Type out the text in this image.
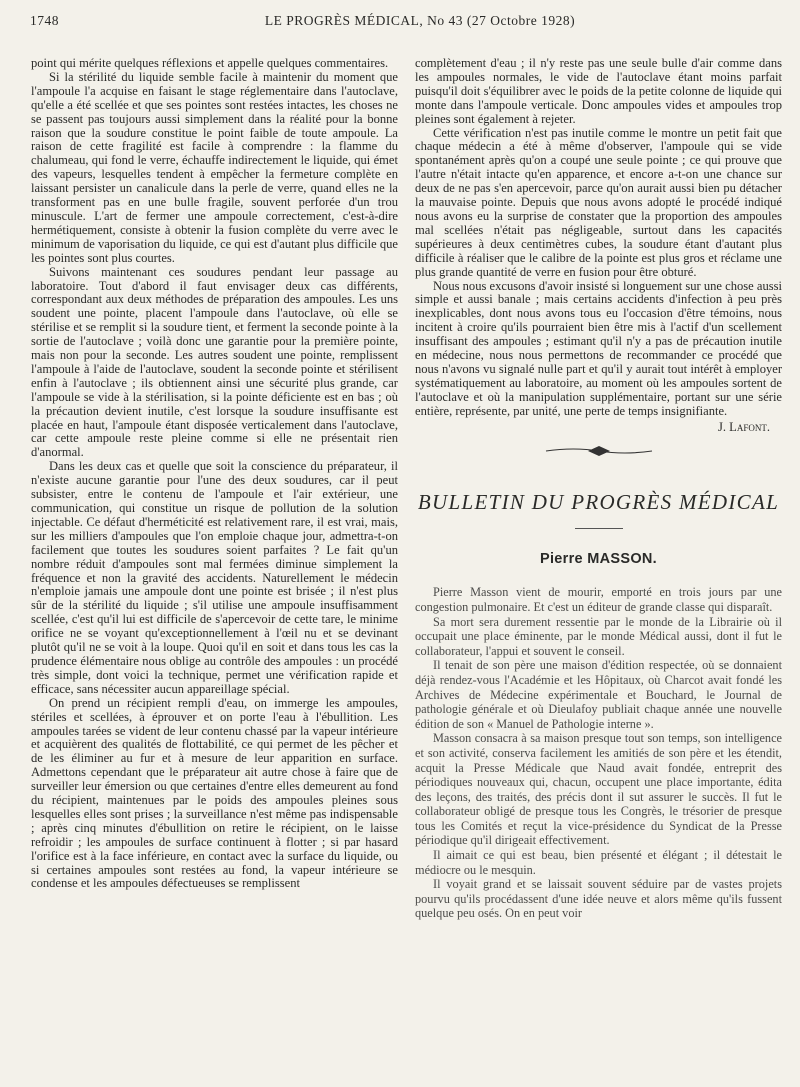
1748	LE PROGRÈS MÉDICAL, No 43 (27 Octobre 1928)

point qui mérite quelques réflexions et appelle quelques commentaires.

Si la stérilité du liquide semble facile à maintenir du moment que l'ampoule l'a acquise en faisant le stage réglementaire dans l'autoclave, qu'elle a été scellée et que ses pointes sont restées intactes, les choses ne se passent pas toujours aussi simplement dans la réalité pour la bonne raison que la soudure constitue le point faible de toute ampoule. La raison de cette fragilité est facile à comprendre : la flamme du chalumeau, qui fond le verre, échauffe indirectement le liquide, qui émet des vapeurs, lesquelles tendent à empêcher la fermeture complète en laissant persister un canalicule dans la perle de verre, quand elles ne la transforment pas en une bulle fragile, souvent perforée d'un trou minuscule. L'art de fermer une ampoule correctement, c'est-à-dire hermétiquement, consiste à obtenir la fusion complète du verre avec le minimum de vaporisation du liquide, ce qui est d'autant plus difficile que les pointes sont plus courtes.

Suivons maintenant ces soudures pendant leur passage au laboratoire. Tout d'abord il faut envisager deux cas différents, correspondant aux deux méthodes de préparation des ampoules. Les uns soudent une pointe, placent l'ampoule dans l'autoclave, où elle se stérilise et se remplit si la soudure tient, et ferment la seconde pointe à la sortie de l'autoclave ; voilà donc une garantie pour la première pointe, mais non pour la seconde. Les autres soudent une pointe, remplissent l'ampoule à l'aide de l'autoclave, soudent la seconde pointe et stérilisent enfin à l'autoclave ; ils obtiennent ainsi une sécurité plus grande, car l'ampoule se vide à la stérilisation, si la pointe déficiente est en bas ; où la précaution devient inutile, c'est lorsque la soudure insuffisante est placée en haut, l'ampoule étant disposée verticalement dans l'autoclave, car cette ampoule reste pleine comme si elle ne présentait rien d'anormal.

Dans les deux cas et quelle que soit la conscience du préparateur, il n'existe aucune garantie pour l'une des deux soudures, car il peut subsister, entre le contenu de l'ampoule et l'air extérieur, une communication, qui constitue un risque de pollution de la solution injectable. Ce défaut d'herméticité est relativement rare, il est vrai, mais, sur les milliers d'ampoules que l'on emploie chaque jour, admettra-t-on facilement que toutes les soudures soient parfaites ? Le fait qu'un nombre réduit d'ampoules sont mal fermées diminue simplement la fréquence et non la gravité des accidents. Naturellement le médecin n'emploie jamais une ampoule dont une pointe est brisée ; il n'est plus sûr de la stérilité du liquide ; s'il utilise une ampoule insuffisamment scellée, c'est qu'il lui est difficile de s'apercevoir de cette tare, le minime orifice ne se voyant qu'exceptionnellement à l'œil nu et se devinant plutôt qu'il ne se voit à la loupe. Quoi qu'il en soit et dans tous les cas la prudence élémentaire nous oblige au contrôle des ampoules : un procédé très simple, dont voici la technique, permet une vérification rapide et efficace, sans nécessiter aucun appareillage spécial.

On prend un récipient rempli d'eau, on immerge les ampoules, stériles et scellées, à éprouver et on porte l'eau à l'ébullition. Les ampoules tarées se vident de leur contenu chassé par la vapeur intérieure et acquièrent des qualités de flottabilité, ce qui permet de les pêcher et de les éliminer au fur et à mesure de leur apparition en surface. Admettons cependant que le préparateur ait autre chose à faire que de surveiller leur émersion ou que certaines d'entre elles demeurent au fond du récipient, maintenues par le poids des ampoules pleines sous lesquelles elles sont prises ; la surveillance n'est même pas indispensable ; après cinq minutes d'ébullition on retire le récipient, on le laisse refroidir ; les ampoules de surface continuent à flotter ; si par hasard l'orifice est à la face inférieure, en contact avec la surface du liquide, ou si certaines ampoules sont restées au fond, la vapeur intérieure se condense et les ampoules défectueuses se remplissent

complètement d'eau ; il n'y reste pas une seule bulle d'air comme dans les ampoules normales, le vide de l'autoclave étant moins parfait puisqu'il doit s'équilibrer avec le poids de la petite colonne de liquide qui monte dans l'ampoule verticale. Donc ampoules vides et ampoules trop pleines sont également à rejeter.

Cette vérification n'est pas inutile comme le montre un petit fait que chaque médecin a été à même d'observer, l'ampoule qui se vide spontanément après qu'on a coupé une seule pointe ; ce qui prouve que l'autre n'était intacte qu'en apparence, et encore a-t-on une chance sur deux de ne pas s'en apercevoir, parce qu'on aurait aussi bien pu détacher la mauvaise pointe. Depuis que nous avons adopté le procédé indiqué nous avons eu la surprise de constater que la proportion des ampoules mal scellées n'était pas négligeable, surtout dans les capacités supérieures à deux centimètres cubes, la soudure étant d'autant plus difficile à réaliser que le calibre de la pointe est plus gros et réclame une plus grande quantité de verre en fusion pour être obturé.

Nous nous excusons d'avoir insisté si longuement sur une chose aussi simple et aussi banale ; mais certains accidents d'infection à peu près inexplicables, dont nous avons tous eu l'occasion d'être témoins, nous incitent à croire qu'ils pourraient bien être mis à l'actif d'un scellement insuffisant des ampoules ; estimant qu'il n'y a pas de précaution inutile en médecine, nous nous permettons de recommander ce procédé que nous n'avons vu signalé nulle part et qu'il y aurait tout intérêt à employer systématiquement au laboratoire, au moment où les ampoules sortent de l'autoclave et où la manipulation supplémentaire, portant sur une série entière, représente, par unité, une perte de temps insignifiante.

J. Lafont.
BULLETIN DU PROGRÈS MÉDICAL
Pierre MASSON.

Pierre Masson vient de mourir, emporté en trois jours par une congestion pulmonaire. Et c'est un éditeur de grande classe qui disparaît.

Sa mort sera durement ressentie par le monde de la Librairie où il occupait une place éminente, par le monde Médical aussi, dont il fut le collaborateur, l'appui et souvent le conseil.

Il tenait de son père une maison d'édition respectée, où se donnaient déjà rendez-vous l'Académie et les Hôpitaux, où Charcot avait fondé les Archives de Médecine expérimentale et Bouchard, le Journal de pathologie générale et où Dieulafoy publiait chaque année une nouvelle édition de son « Manuel de Pathologie interne ».

Masson consacra à sa maison presque tout son temps, son intelligence et son activité, conserva facilement les amitiés de son père et les étendit, acquit la Presse Médicale que Naud avait fondée, entreprit des périodiques nouveaux qui, chacun, occupent une place importante, édita des leçons, des traités, des précis dont il sut assurer le succès. Il fut le collaborateur obligé de presque tous les Congrès, le trésorier de presque tous les Comités et reçut la vice-présidence du Syndicat de la Presse périodique qu'il dirigeait effectivement.

Il aimait ce qui est beau, bien présenté et élégant ; il détestait le médiocre ou le mesquin.

Il voyait grand et se laissait souvent séduire par de vastes projets pourvu qu'ils procédassent d'une idée neuve et alors même qu'ils fussent quelque peu osés. On en peut voir
